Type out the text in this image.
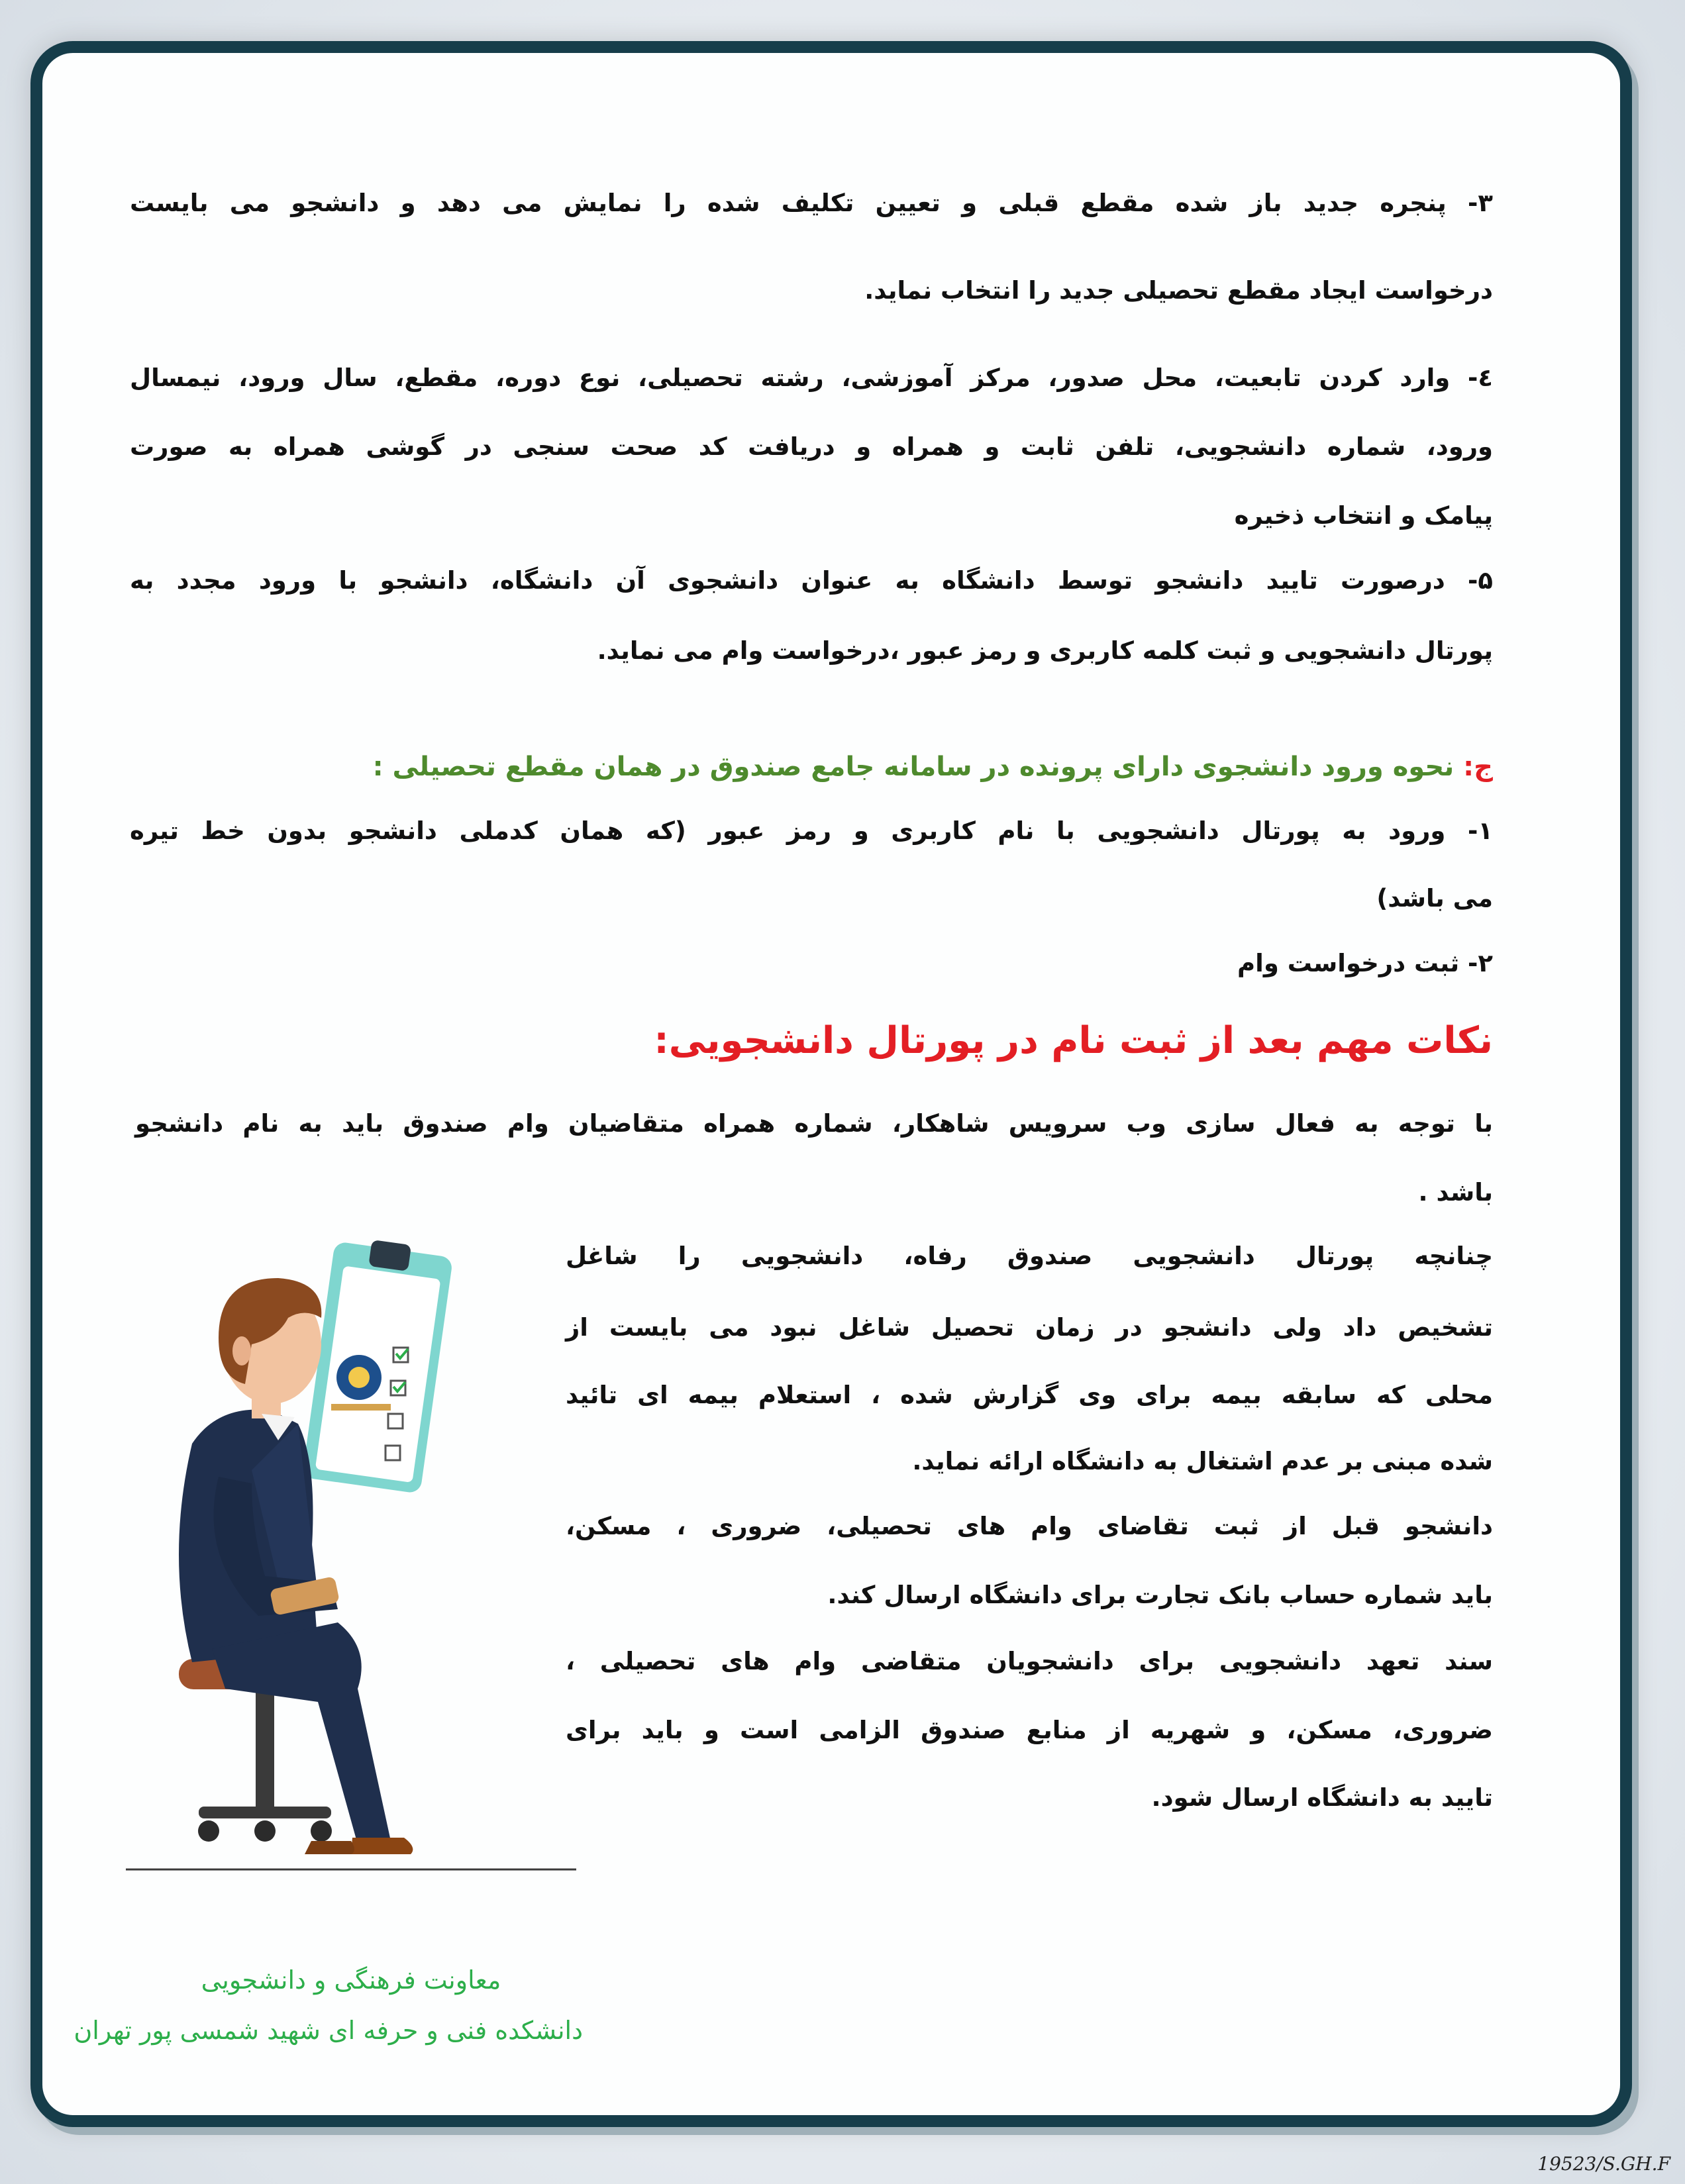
۳- پنجره جدید باز شده مقطع قبلی و تعیین تکلیف شده را نمایش می دهد و دانشجو می بایست
درخواست ایجاد مقطع تحصیلی جدید را انتخاب نماید.
٤- وارد کردن تابعیت، محل صدور، مرکز آموزشی، رشته تحصیلی، نوع دوره، مقطع، سال ورود، نیمسال
ورود، شماره دانشجویی، تلفن ثابت و همراه و دریافت کد صحت سنجی در گوشی همراه به صورت
پیامک و انتخاب ذخیره
۵- درصورت تایید دانشجو توسط دانشگاه به عنوان دانشجوی آن دانشگاه، دانشجو با ورود مجدد به
پورتال دانشجویی و ثبت کلمه کاربری و رمز عبور ،درخواست وام می نماید.
ج: نحوه ورود دانشجوی دارای پرونده در سامانه جامع صندوق در همان مقطع تحصیلی :
۱- ورود به پورتال دانشجویی با نام کاربری و رمز عبور (که همان کدملی دانشجو بدون خط تیره
می باشد)
۲- ثبت درخواست وام
نکات مهم بعد از ثبت نام در پورتال دانشجویی:
با توجه به فعال سازی وب سرویس شاهکار، شماره همراه متقاضیان وام صندوق باید به نام دانشجو
باشد .
چنانچه پورتال دانشجویی صندوق رفاه، دانشجویی را شاغل
تشخیص داد ولی دانشجو در زمان تحصیل شاغل نبود می بایست از
محلی که سابقه بیمه برای وی گزارش شده ، استعلام بیمه ای تائید
شده مبنی بر عدم اشتغال به دانشگاه ارائه نماید.
دانشجو قبل از ثبت تقاضای وام های تحصیلی، ضروری ، مسکن،
باید شماره حساب بانک تجارت برای دانشگاه ارسال کند.
سند تعهد دانشجویی برای دانشجویان متقاضی وام های تحصیلی ،
ضروری، مسکن، و شهریه از منابع صندوق الزامی است و باید برای
تایید به دانشگاه ارسال شود.
معاونت فرهنگی و دانشجویی
دانشکده فنی و حرفه ای شهید شمسی پور تهران
19523/S.GH.F
